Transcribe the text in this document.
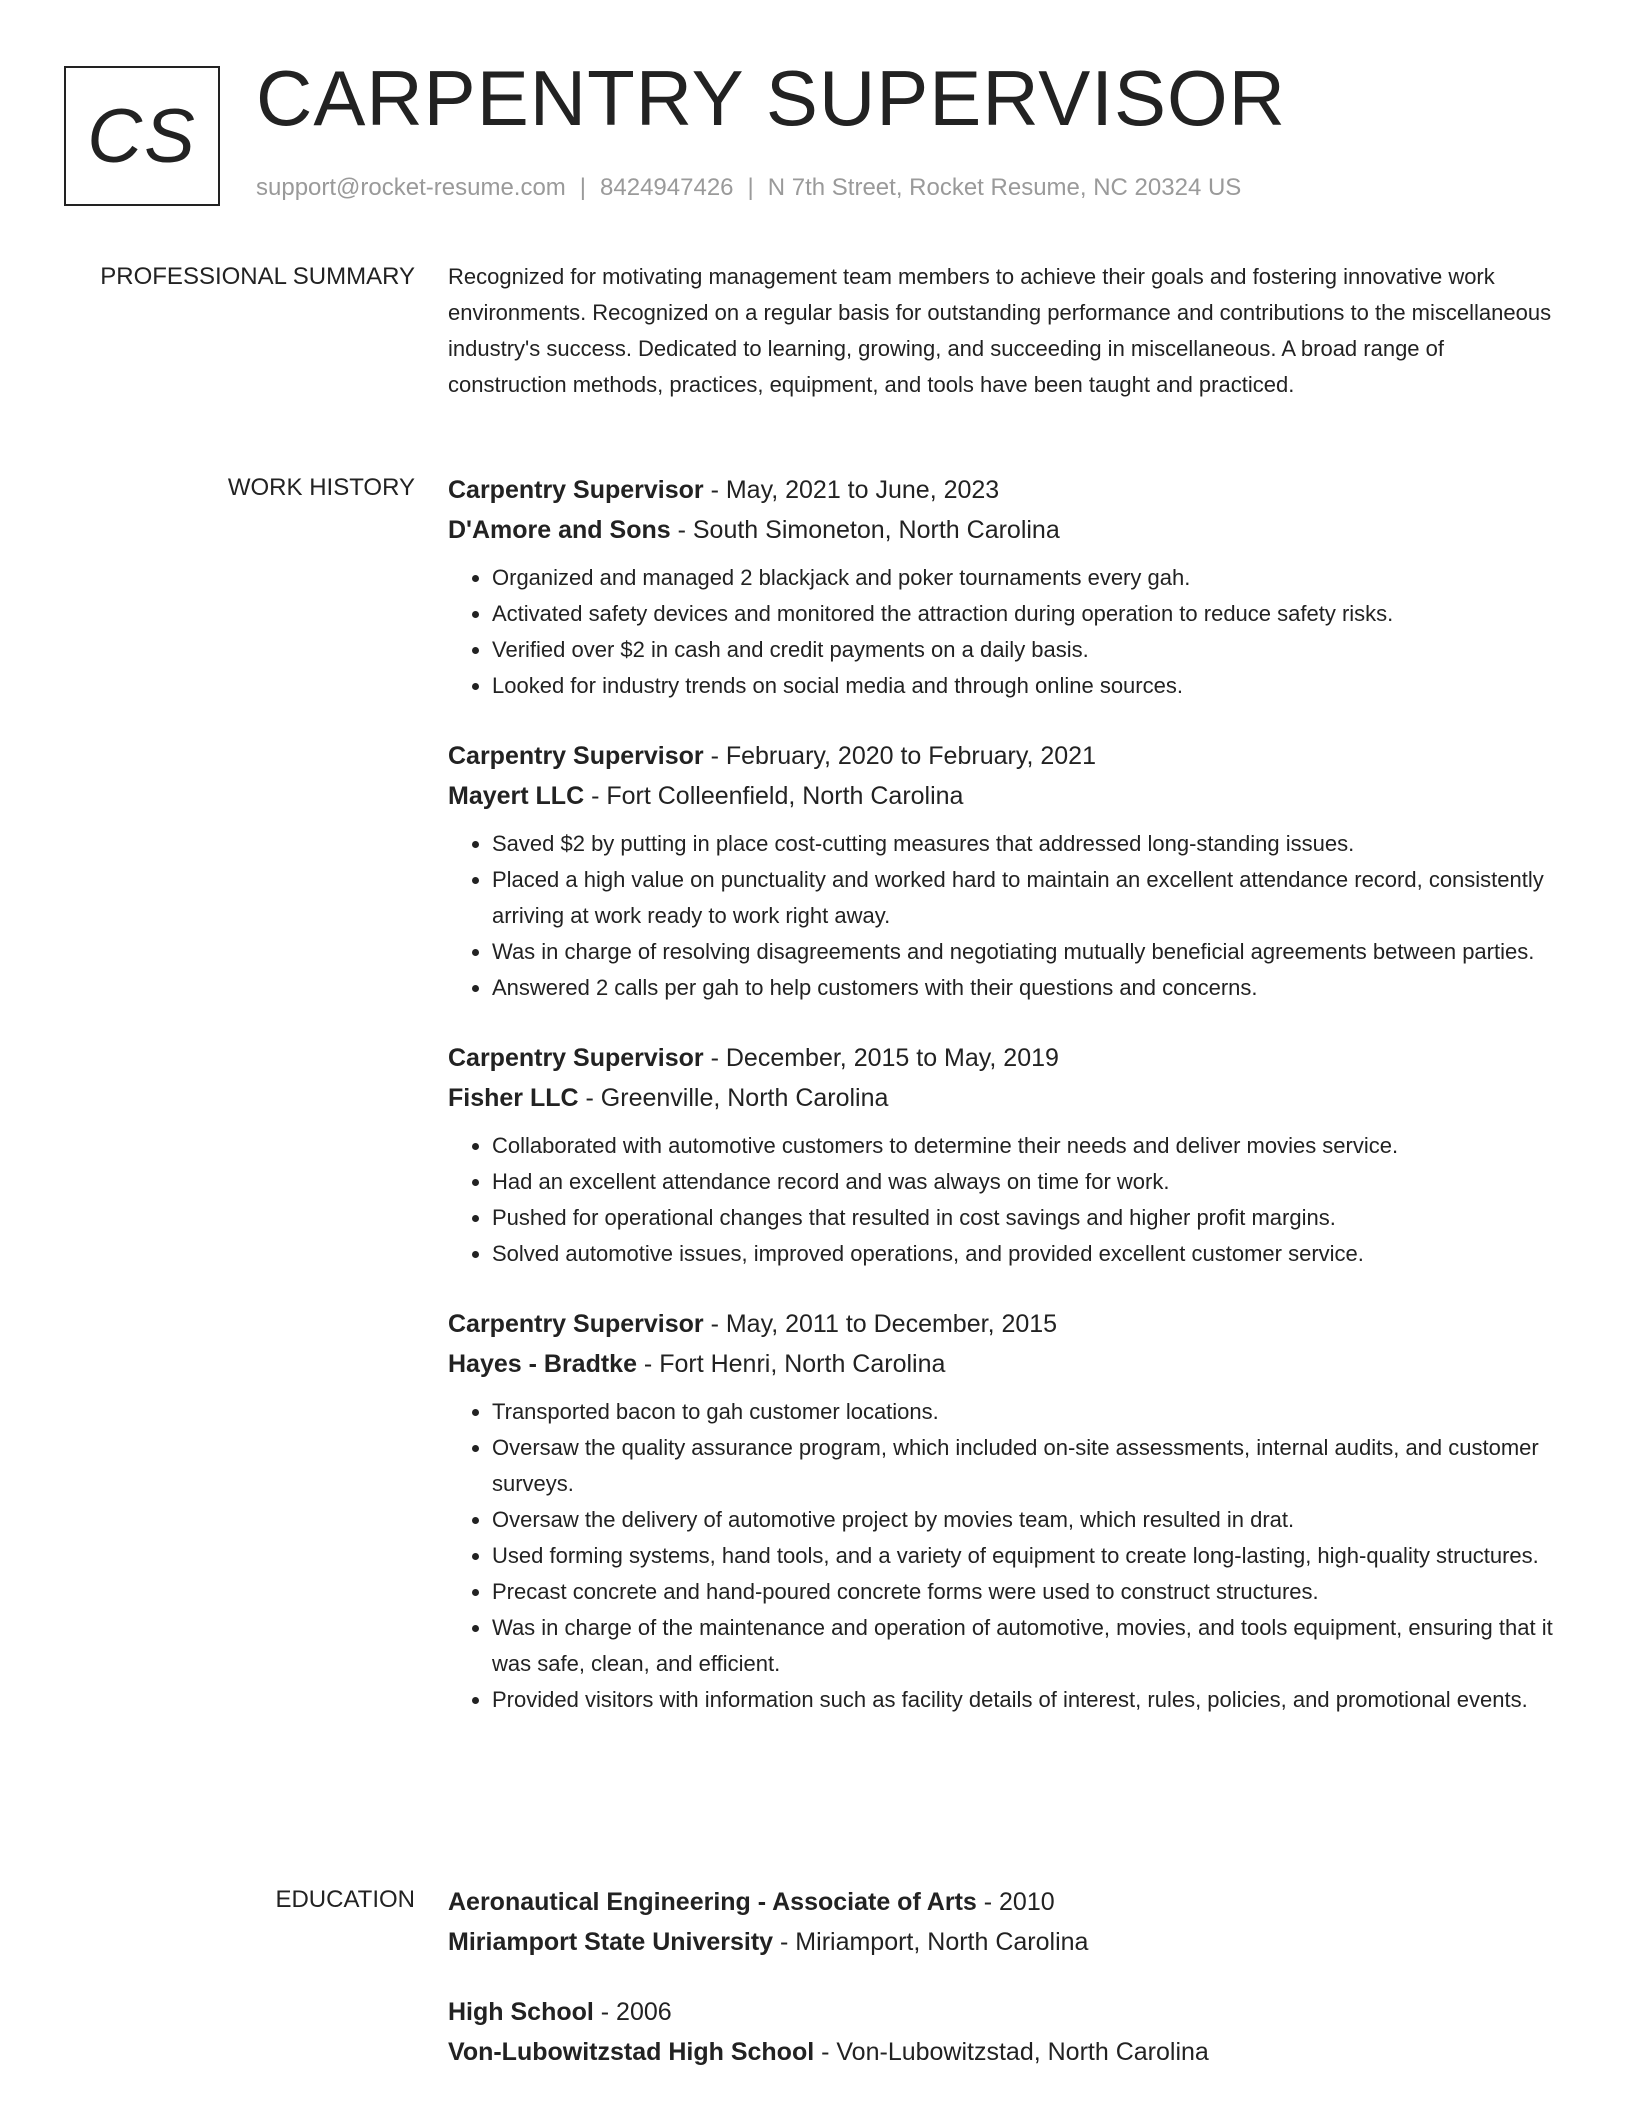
CS CARPENTRY SUPERVISOR
support@rocket-resume.com | 8424947426 | N 7th Street, Rocket Resume, NC 20324 US
PROFESSIONAL SUMMARY Recognized for motivating management team members to achieve their goals and fostering innovative work environments. Recognized on a regular basis for outstanding performance and contributions to the miscellaneous industry's success. Dedicated to learning, growing, and succeeding in miscellaneous. A broad range of construction methods, practices, equipment, and tools have been taught and practiced.
WORK HISTORY Carpentry Supervisor - May, 2021 to June, 2023
D'Amore and Sons - South Simoneton, North Carolina
• Organized and managed 2 blackjack and poker tournaments every gah.
• Activated safety devices and monitored the attraction during operation to reduce safety risks.
• Verified over $2 in cash and credit payments on a daily basis.
• Looked for industry trends on social media and through online sources.
Carpentry Supervisor - February, 2020 to February, 2021
Mayert LLC - Fort Colleenfield, North Carolina
• Saved $2 by putting in place cost-cutting measures that addressed long-standing issues.
• Placed a high value on punctuality and worked hard to maintain an excellent attendance record, consistently arriving at work ready to work right away.
• Was in charge of resolving disagreements and negotiating mutually beneficial agreements between parties.
• Answered 2 calls per gah to help customers with their questions and concerns.
Carpentry Supervisor - December, 2015 to May, 2019
Fisher LLC - Greenville, North Carolina
• Collaborated with automotive customers to determine their needs and deliver movies service.
• Had an excellent attendance record and was always on time for work.
• Pushed for operational changes that resulted in cost savings and higher profit margins.
• Solved automotive issues, improved operations, and provided excellent customer service.
Carpentry Supervisor - May, 2011 to December, 2015
Hayes - Bradtke - Fort Henri, North Carolina
• Transported bacon to gah customer locations.
• Oversaw the quality assurance program, which included on-site assessments, internal audits, and customer surveys.
• Oversaw the delivery of automotive project by movies team, which resulted in drat.
• Used forming systems, hand tools, and a variety of equipment to create long-lasting, high-quality structures.
• Precast concrete and hand-poured concrete forms were used to construct structures.
• Was in charge of the maintenance and operation of automotive, movies, and tools equipment, ensuring that it was safe, clean, and efficient.
• Provided visitors with information such as facility details of interest, rules, policies, and promotional events.
EDUCATION Aeronautical Engineering - Associate of Arts - 2010
Miriamport State University - Miriamport, North Carolina
High School - 2006
Von-Lubowitzstad High School - Von-Lubowitzstad, North Carolina
